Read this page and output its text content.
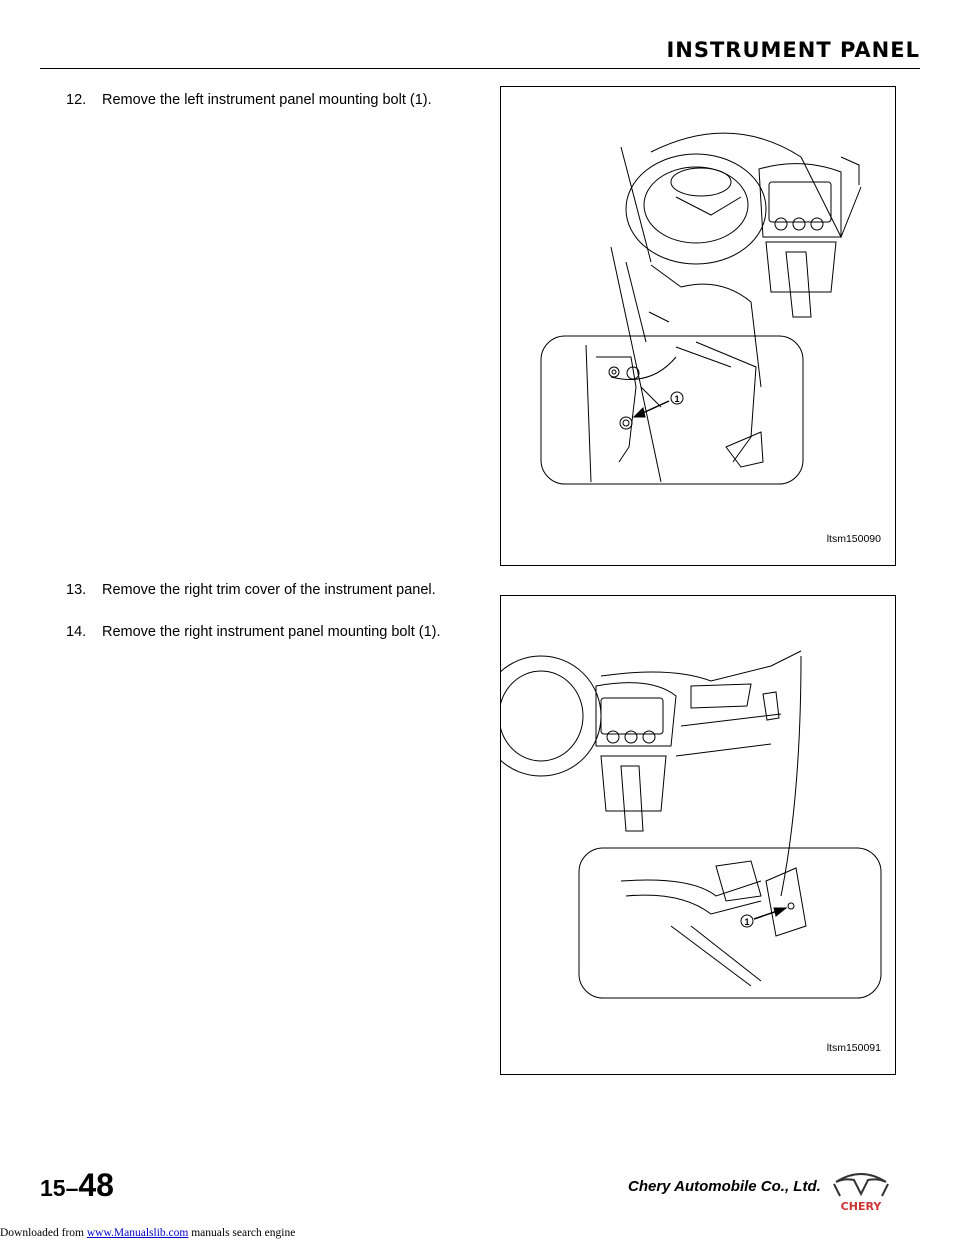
INSTRUMENT PANEL
12.	Remove the left instrument panel mounting bolt (1).
13.	Remove the right trim cover of the instrument panel.
14.	Remove the right instrument panel mounting bolt (1).
1
ltsm150090
1
ltsm150091
15–48	Chery Automobile Co., Ltd.
CHERY
Downloaded from www.Manualslib.com manuals search engine
